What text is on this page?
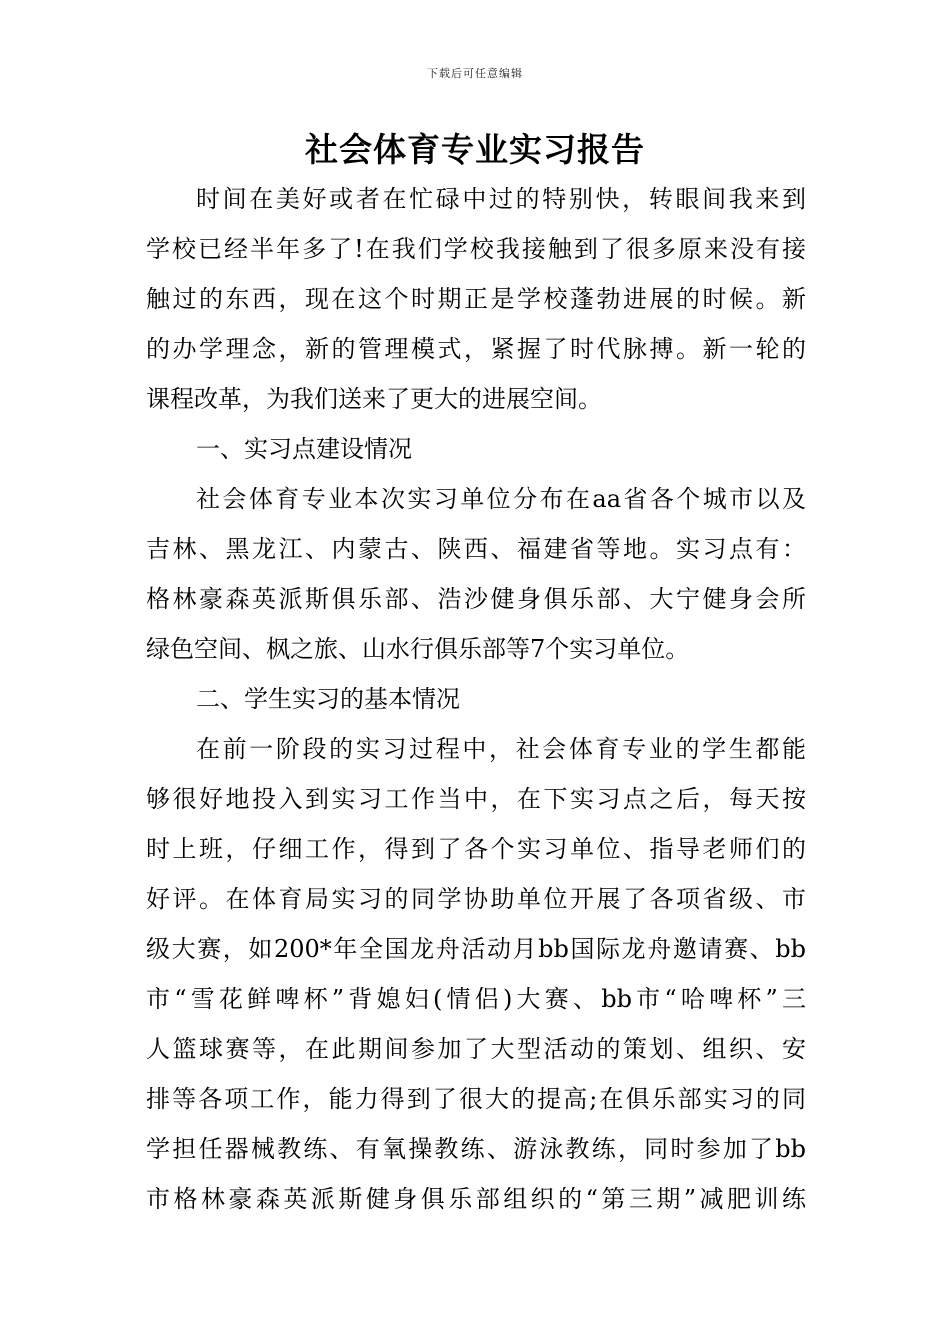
下载后可任意编辑
社会体育专业实习报告
时间在美好或者在忙碌中过的特别快，转眼间我来到
学校已经半年多了!在我们学校我接触到了很多原来没有接
触过的东西，现在这个时期正是学校蓬勃进展的时候。新
的办学理念，新的管理模式，紧握了时代脉搏。新一轮的
课程改革，为我们送来了更大的进展空间。
一、实习点建设情况
社会体育专业本次实习单位分布在aa省各个城市以及
吉林、黑龙江、内蒙古、陕西、福建省等地。实习点有：
格林豪森英派斯俱乐部、浩沙健身俱乐部、大宁健身会所
绿色空间、枫之旅、山水行俱乐部等7个实习单位。
二、学生实习的基本情况
在前一阶段的实习过程中，社会体育专业的学生都能
够很好地投入到实习工作当中，在下实习点之后，每天按
时上班，仔细工作，得到了各个实习单位、指导老师们的
好评。在体育局实习的同学协助单位开展了各项省级、市
级大赛，如200*年全国龙舟活动月bb国际龙舟邀请赛、bb
市“雪花鲜啤杯”背媳妇(情侣)大赛、bb市“哈啤杯”三
人篮球赛等，在此期间参加了大型活动的策划、组织、安
排等各项工作，能力得到了很大的提高;在俱乐部实习的同
学担任器械教练、有氧操教练、游泳教练，同时参加了bb
市格林豪森英派斯健身俱乐部组织的“第三期”减肥训练
